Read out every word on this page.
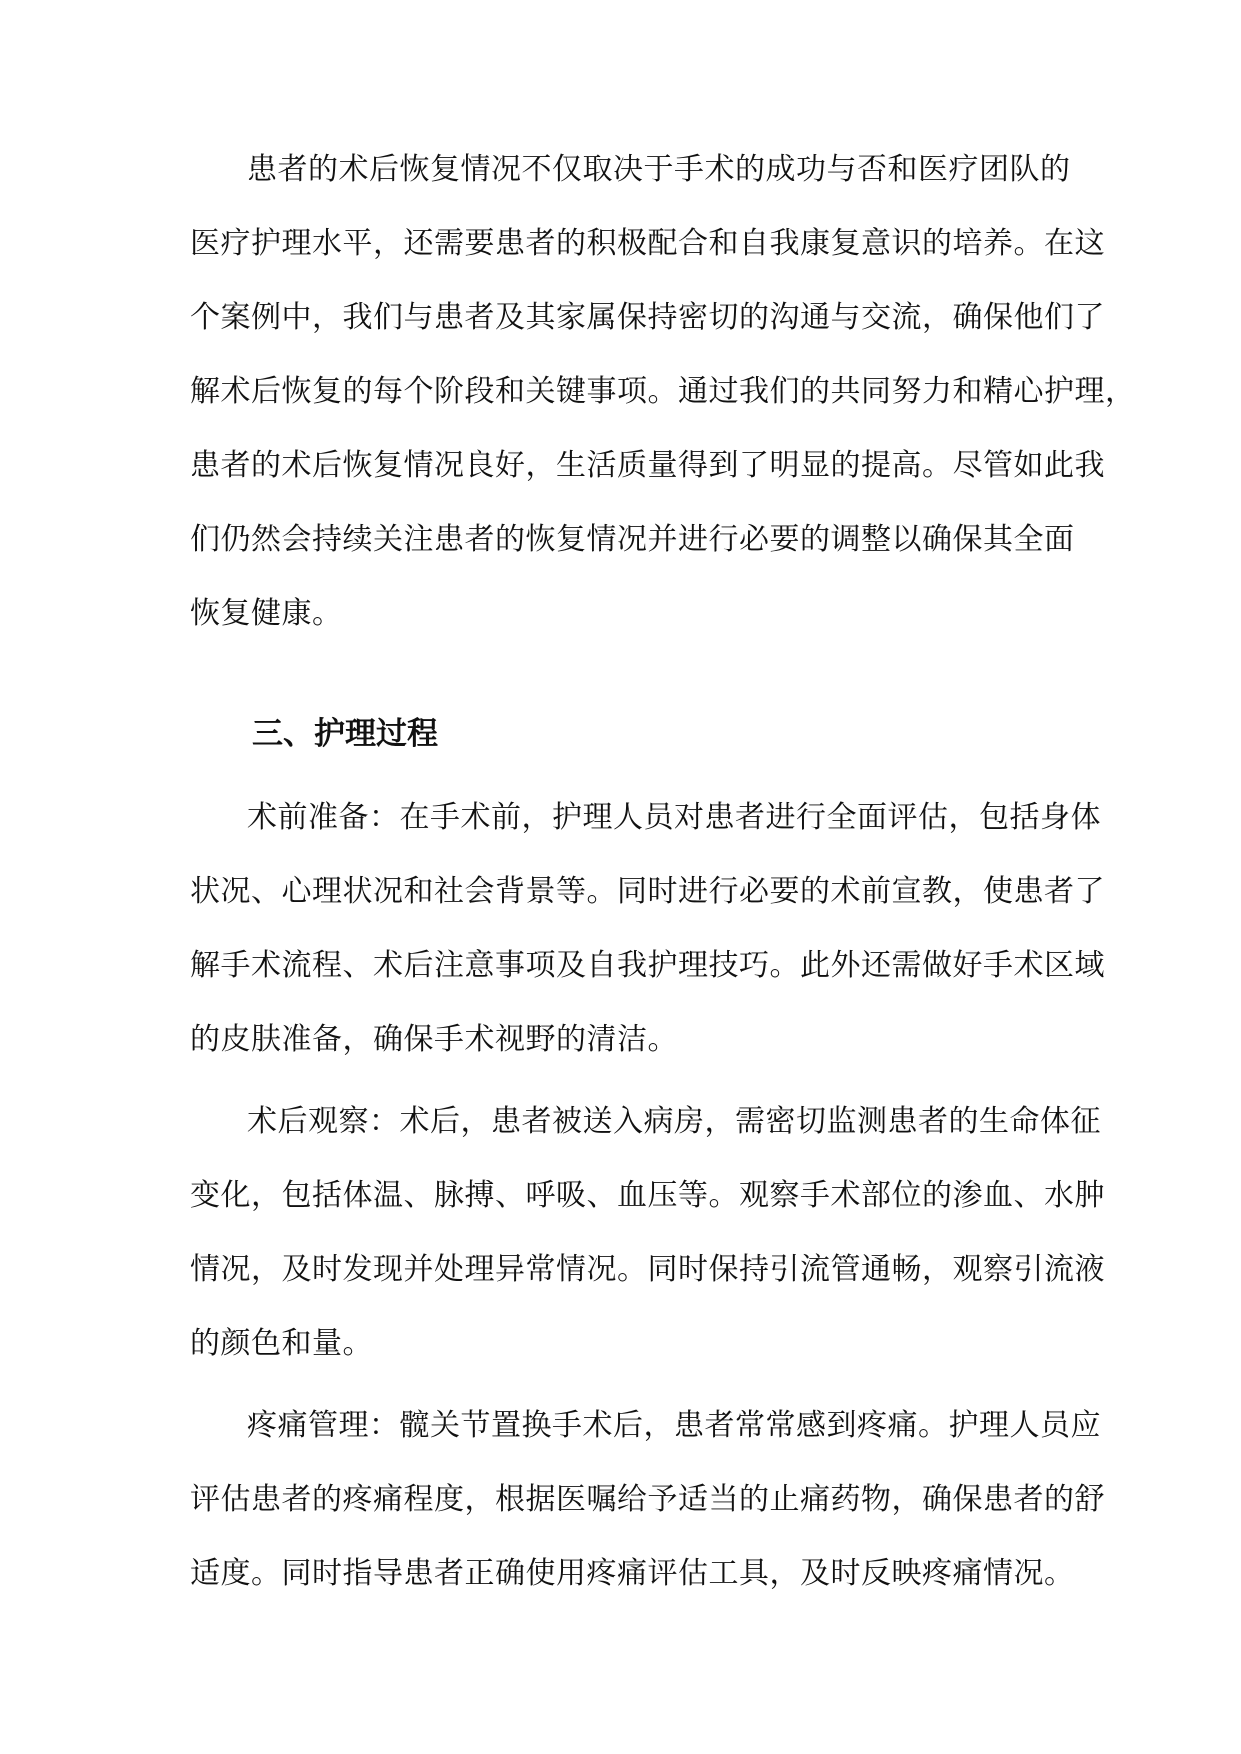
患者的术后恢复情况不仅取决于手术的成功与否和医疗团队的

医疗护理水平，还需要患者的积极配合和自我康复意识的培养。在这

个案例中，我们与患者及其家属保持密切的沟通与交流，确保他们了

解术后恢复的每个阶段和关键事项。通过我们的共同努力和精心护理，

患者的术后恢复情况良好，生活质量得到了明显的提高。尽管如此我

们仍然会持续关注患者的恢复情况并进行必要的调整以确保其全面

恢复健康。

三、护理过程

术前准备：在手术前，护理人员对患者进行全面评估，包括身体

状况、心理状况和社会背景等。同时进行必要的术前宣教，使患者了

解手术流程、术后注意事项及自我护理技巧。此外还需做好手术区域

的皮肤准备，确保手术视野的清洁。

术后观察：术后，患者被送入病房，需密切监测患者的生命体征

变化，包括体温、脉搏、呼吸、血压等。观察手术部位的渗血、水肿

情况，及时发现并处理异常情况。同时保持引流管通畅，观察引流液

的颜色和量。

疼痛管理：髋关节置换手术后，患者常常感到疼痛。护理人员应

评估患者的疼痛程度，根据医嘱给予适当的止痛药物，确保患者的舒

适度。同时指导患者正确使用疼痛评估工具，及时反映疼痛情况。
